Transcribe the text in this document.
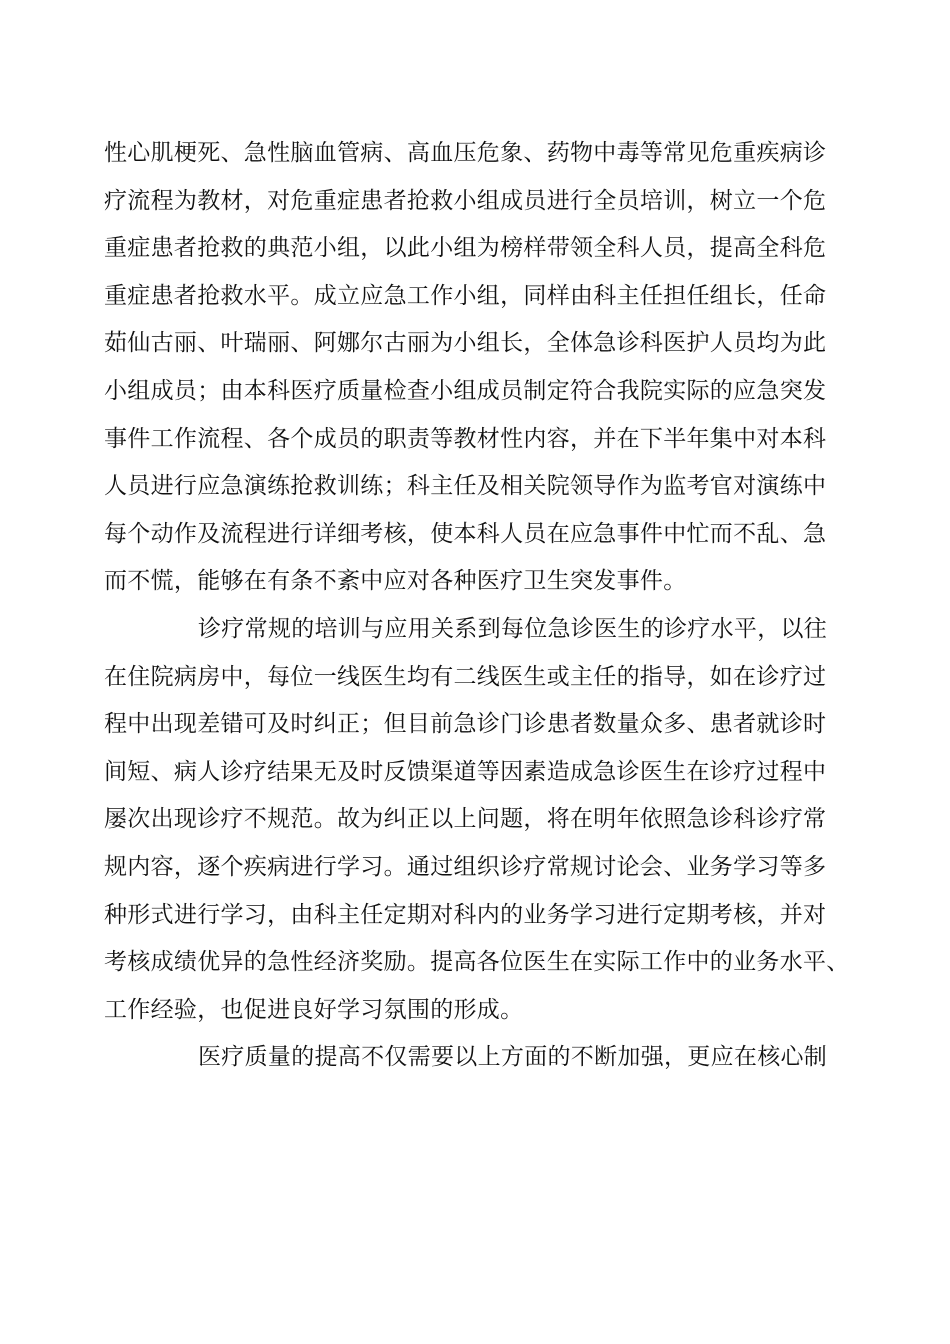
性心肌梗死、急性脑血管病、高血压危象、药物中毒等常见危重疾病诊
疗流程为教材，对危重症患者抢救小组成员进行全员培训，树立一个危
重症患者抢救的典范小组，以此小组为榜样带领全科人员，提高全科危
重症患者抢救水平。成立应急工作小组，同样由科主任担任组长，任命
茹仙古丽、叶瑞丽、阿娜尔古丽为小组长，全体急诊科医护人员均为此
小组成员；由本科医疗质量检查小组成员制定符合我院实际的应急突发
事件工作流程、各个成员的职责等教材性内容，并在下半年集中对本科
人员进行应急演练抢救训练；科主任及相关院领导作为监考官对演练中
每个动作及流程进行详细考核，使本科人员在应急事件中忙而不乱、急
而不慌，能够在有条不紊中应对各种医疗卫生突发事件。
诊疗常规的培训与应用关系到每位急诊医生的诊疗水平，以往
在住院病房中，每位一线医生均有二线医生或主任的指导，如在诊疗过
程中出现差错可及时纠正；但目前急诊门诊患者数量众多、患者就诊时
间短、病人诊疗结果无及时反馈渠道等因素造成急诊医生在诊疗过程中
屡次出现诊疗不规范。故为纠正以上问题，将在明年依照急诊科诊疗常
规内容，逐个疾病进行学习。通过组织诊疗常规讨论会、业务学习等多
种形式进行学习，由科主任定期对科内的业务学习进行定期考核，并对
考核成绩优异的急性经济奖励。提高各位医生在实际工作中的业务水平、
工作经验，也促进良好学习氛围的形成。
医疗质量的提高不仅需要以上方面的不断加强，更应在核心制
